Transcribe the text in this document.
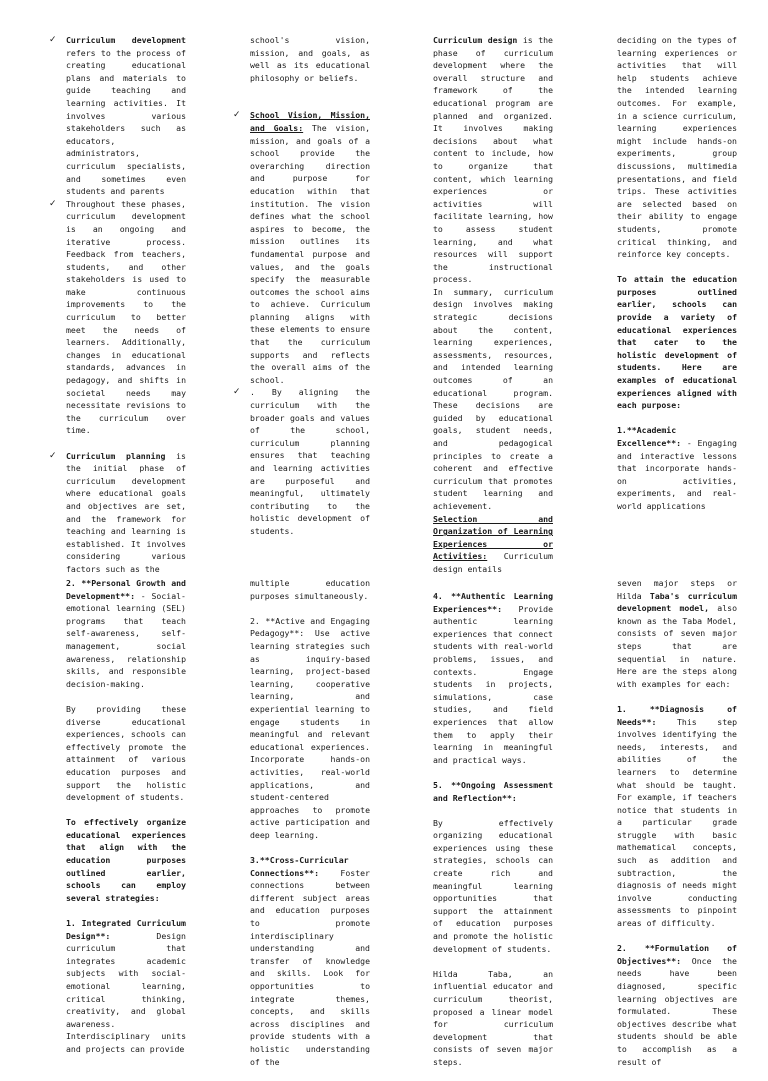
✓ Curriculum development refers to the process of creating educational plans and materials to guide teaching and learning activities. It involves various stakeholders such as educators, administrators, curriculum specialists, and sometimes even students and parents

✓ Throughout these phases, curriculum development is an ongoing and iterative process. Feedback from teachers, students, and other stakeholders is used to make continuous improvements to the curriculum to better meet the needs of learners. Additionally, changes in educational standards, advances in pedagogy, and shifts in societal needs may necessitate revisions to the curriculum over time.

✓ Curriculum planning is the initial phase of curriculum development where educational goals and objectives are set, and the framework for teaching and learning is established. It involves considering various factors such as the

school's vision, mission, and goals, as well as its educational philosophy or beliefs.

✓ School Vision, Mission, and Goals: The vision, mission, and goals of a school provide the overarching direction and purpose for education within that institution. The vision defines what the school aspires to become, the mission outlines its fundamental purpose and values, and the goals specify the measurable outcomes the school aims to achieve. Curriculum planning aligns with these elements to ensure that the curriculum supports and reflects the overall aims of the school.

✓ . By aligning the curriculum with the broader goals and values of the school, curriculum planning ensures that teaching and learning activities are purposeful and meaningful, ultimately contributing to the holistic development of students.

Curriculum design is the phase of curriculum development where the overall structure and framework of the educational program are planned and organized. It involves making decisions about what content to include, how to organize that content, which learning experiences or activities will facilitate learning, how to assess student learning, and what resources will support the instructional process.

In summary, curriculum design involves making strategic decisions about the content, learning experiences, assessments, resources, and intended learning outcomes of an educational program. These decisions are guided by educational goals, student needs, and pedagogical principles to create a coherent and effective curriculum that promotes student learning and achievement.

Selection and Organization of Learning Experiences or Activities: Curriculum design entails

deciding on the types of learning experiences or activities that will help students achieve the intended learning outcomes. For example, in a science curriculum, learning experiences might include hands-on experiments, group discussions, multimedia presentations, and field trips. These activities are selected based on their ability to engage students, promote critical thinking, and reinforce key concepts.

To attain the education purposes outlined earlier, schools can provide a variety of educational experiences that cater to the holistic development of students. Here are examples of educational experiences aligned with each purpose:

1.**Academic Excellence**: - Engaging and interactive lessons that incorporate hands-on activities, experiments, and real-world applications

2. **Personal Growth and Development**: - Social-emotional learning (SEL) programs that teach self-awareness, self-management, social awareness, relationship skills, and responsible decision-making.

By providing these diverse educational experiences, schools can effectively promote the attainment of various education purposes and support the holistic development of students.

To effectively organize educational experiences that align with the education purposes outlined earlier, schools can employ several strategies:

1. Integrated Curriculum Design**: Design curriculum that integrates academic subjects with social-emotional learning, critical thinking, creativity, and global awareness. Interdisciplinary units and projects can provide

multiple education purposes simultaneously.

2. **Active and Engaging Pedagogy**: Use active learning strategies such as inquiry-based learning, project-based learning, cooperative learning, and experiential learning to engage students in meaningful and relevant educational experiences. Incorporate hands-on activities, real-world applications, and student-centered approaches to promote active participation and deep learning.

3.**Cross-Curricular Connections**: Foster connections between different subject areas and education purposes to promote interdisciplinary understanding and transfer of knowledge and skills. Look for opportunities to integrate themes, concepts, and skills across disciplines and provide students with a holistic understanding of the

4. **Authentic Learning Experiences**: Provide authentic learning experiences that connect students with real-world problems, issues, and contexts. Engage students in projects, simulations, case studies, and field experiences that allow them to apply their learning in meaningful and practical ways.

5. **Ongoing Assessment and Reflection**:

By effectively organizing educational experiences using these strategies, schools can create rich and meaningful learning opportunities that support the attainment of education purposes and promote the holistic development of students.

Hilda Taba, an influential educator and curriculum theorist, proposed a linear model for curriculum development that consists of seven major steps.

seven major steps or Hilda Taba's curriculum development model, also known as the Taba Model, consists of seven major steps that are sequential in nature. Here are the steps along with examples for each:

1. **Diagnosis of Needs**: This step involves identifying the needs, interests, and abilities of the learners to determine what should be taught. For example, if teachers notice that students in a particular grade struggle with basic mathematical concepts, such as addition and subtraction, the diagnosis of needs might involve conducting assessments to pinpoint areas of difficulty.

2. **Formulation of Objectives**: Once the needs have been diagnosed, specific learning objectives are formulated. These objectives describe what students should be able to accomplish as a result of
